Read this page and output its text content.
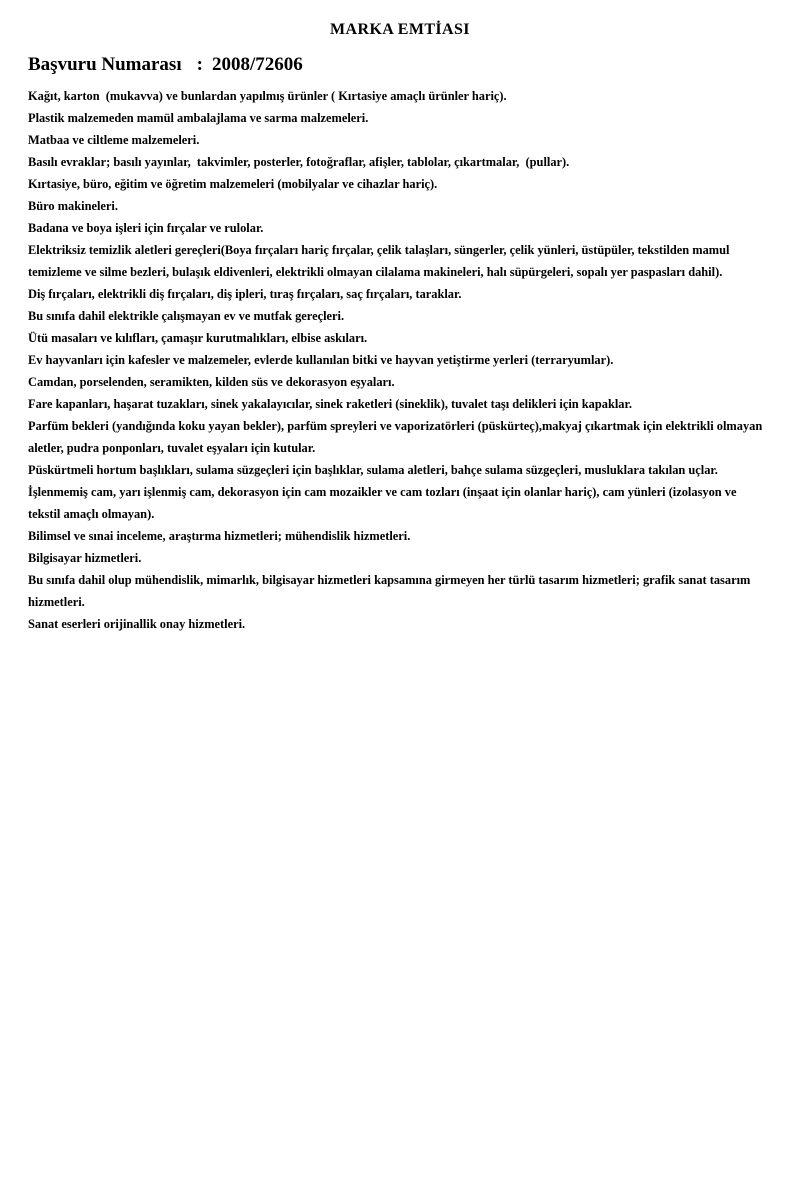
MARKA EMTİASI
Başvuru Numarası : 2008/72606

Kağıt, karton  (mukavva) ve bunlardan yapılmış ürünler ( Kırtasiye amaçlı ürünler hariç).

Plastik malzemeden mamül ambalajlama ve sarma malzemeleri.

Matbaa ve ciltleme malzemeleri.

Basılı evraklar; basılı yayınlar,  takvimler, posterler, fotoğraflar, afişler, tablolar, çıkartmalar,  (pullar).

Kırtasiye, büro, eğitim ve öğretim malzemeleri (mobilyalar ve cihazlar hariç).

Büro makineleri.

Badana ve boya işleri için fırçalar ve rulolar.

Elektriksiz temizlik aletleri gereçleri(Boya fırçaları hariç fırçalar, çelik talaşları, süngerler, çelik yünleri, üstüpüler, tekstilden mamul temizleme ve silme bezleri, bulaşık eldivenleri, elektrikli olmayan cilalama makineleri, halı süpürgeleri, sopalı yer paspasları dahil).

Diş fırçaları, elektrikli diş fırçaları, diş ipleri, tıraş fırçaları, saç fırçaları, taraklar.

Bu sınıfa dahil elektrikle çalışmayan ev ve mutfak gereçleri.

Ütü masaları ve kılıfları, çamaşır kurutmalıkları, elbise askıları.

Ev hayvanları için kafesler ve malzemeler, evlerde kullanılan bitki ve hayvan yetiştirme yerleri (terraryumlar).

Camdan, porselenden, seramikten, kilden süs ve dekorasyon eşyaları.

Fare kapanları, haşarat tuzakları, sinek yakalayıcılar, sinek raketleri (sineklik), tuvalet taşı delikleri için kapaklar.

Parfüm bekleri (yandığında koku yayan bekler), parfüm spreyleri ve vaporizatörleri (püskürteç),makyaj çıkartmak için elektrikli olmayan aletler, pudra ponponları, tuvalet eşyaları için kutular.

Püskürtmeli hortum başlıkları, sulama süzgeçleri için başlıklar, sulama aletleri, bahçe sulama süzgeçleri, musluklara takılan uçlar.

İşlenmemiş cam, yarı işlenmiş cam, dekorasyon için cam mozaikler ve cam tozları (inşaat için olanlar hariç), cam yünleri (izolasyon ve tekstil amaçlı olmayan).

Bilimsel ve sınai inceleme, araştırma hizmetleri; mühendislik hizmetleri.

Bilgisayar hizmetleri.

Bu sınıfa dahil olup mühendislik, mimarlık, bilgisayar hizmetleri kapsamına girmeyen her türlü tasarım hizmetleri; grafik sanat tasarım hizmetleri.

Sanat eserleri orijinallik onay hizmetleri.
